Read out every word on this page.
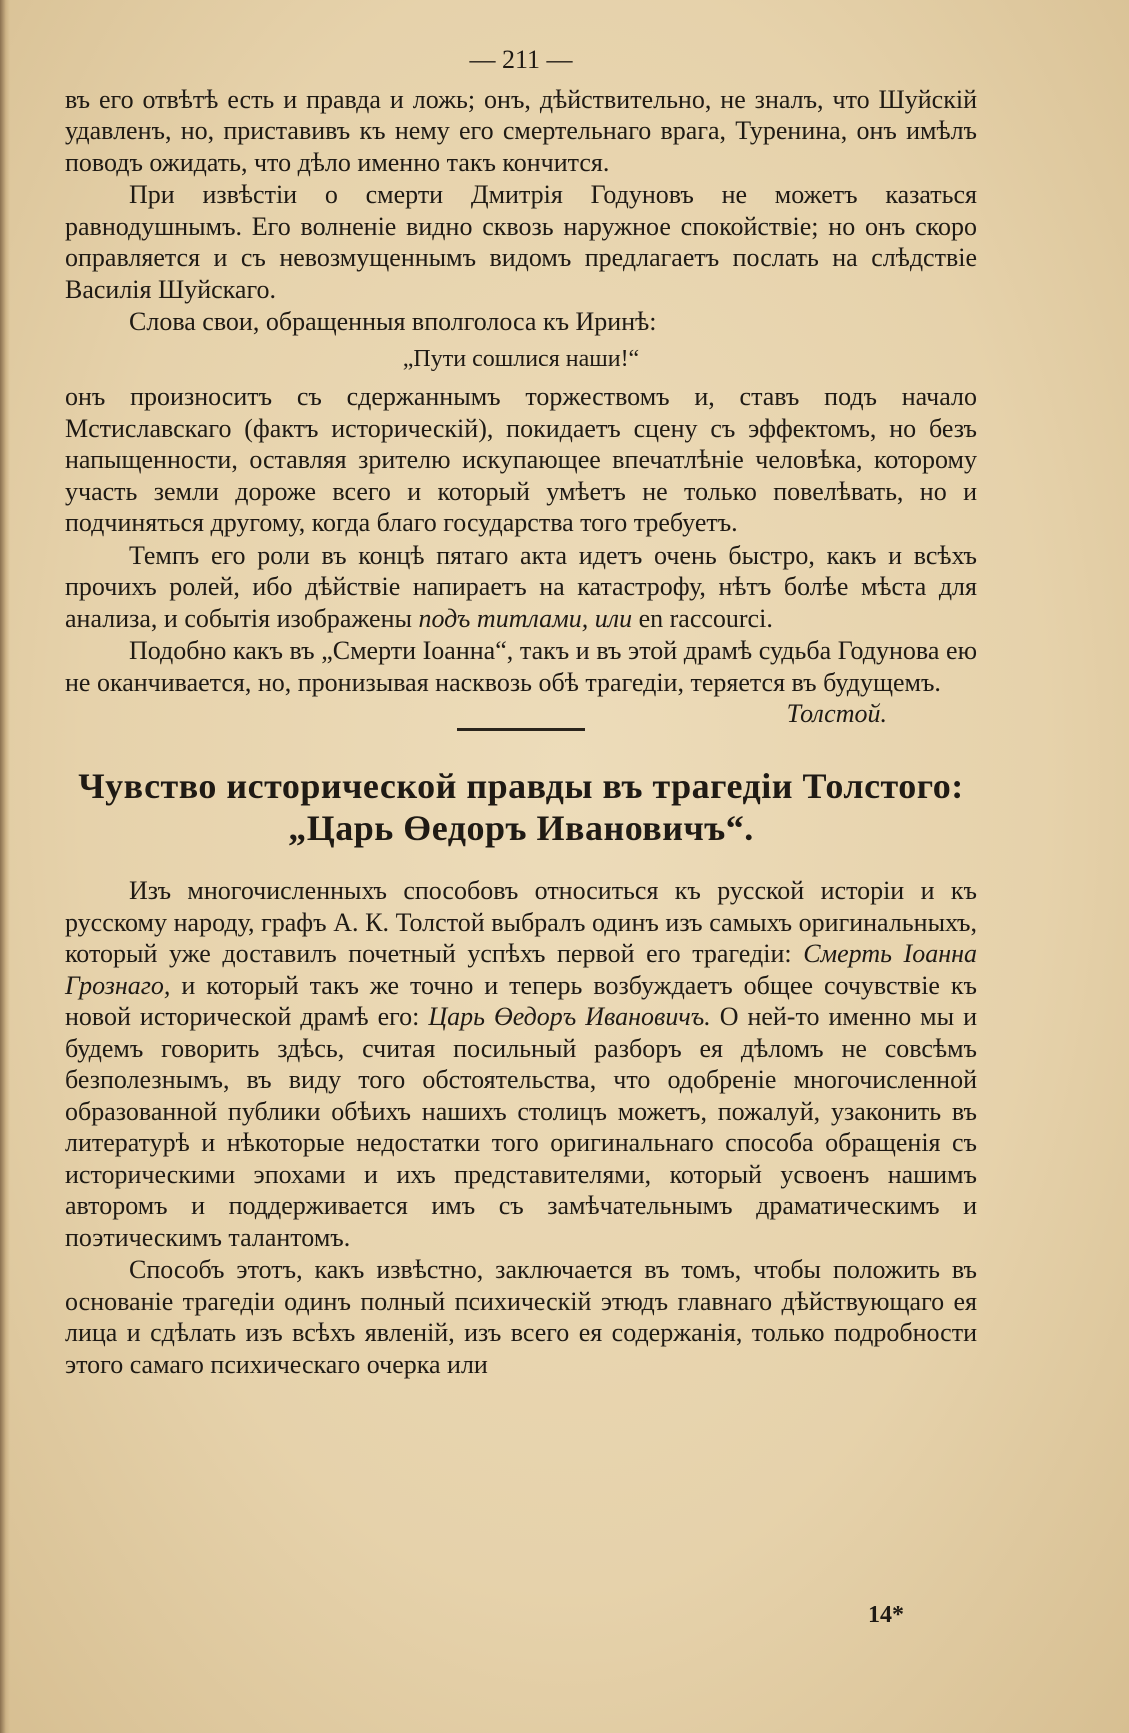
— 211 —

въ его отвѣтѣ есть и правда и ложь; онъ, дѣйствительно, не зналъ, что Шуйскій удавленъ, но, приставивъ къ нему его смертельнаго врага, Туренина, онъ имѣлъ поводъ ожидать, что дѣло именно такъ кончится.

При извѣстіи о смерти Дмитрія Годуновъ не можетъ казаться равнодушнымъ. Его волненіе видно сквозь наружное спокойствіе; но онъ скоро оправляется и съ невозмущеннымъ видомъ предлагаетъ послать на слѣдствіе Василія Шуйскаго.

Слова свои, обращенныя вполголоса къ Иринѣ:

„Пути сошлися наши!“

онъ произноситъ съ сдержаннымъ торжествомъ и, ставъ подъ начало Мстиславскаго (фактъ историческій), покидаетъ сцену съ эффектомъ, но безъ напыщенности, оставляя зрителю искупающее впечатлѣніе человѣка, которому участь земли дороже всего и который умѣетъ не только повелѣвать, но и подчиняться другому, когда благо государства того требуетъ.

Темпъ его роли въ концѣ пятаго акта идетъ очень быстро, какъ и всѣхъ прочихъ ролей, ибо дѣйствіе напираетъ на катастрофу, нѣтъ болѣе мѣста для анализа, и событія изображены подъ титлами, или en raccourci.

Подобно какъ въ „Смерти Іоанна“, такъ и въ этой драмѣ судьба Годунова ею не оканчивается, но, пронизывая насквозь обѣ трагедіи, теряется въ будущемъ.
Толстой.

Чувство исторической правды въ трагедіи Толстого:
„Царь Өедоръ Ивановичъ“.

Изъ многочисленныхъ способовъ относиться къ русской исторіи и къ русскому народу, графъ А. К. Толстой выбралъ одинъ изъ самыхъ оригинальныхъ, который уже доставилъ почетный успѣхъ первой его трагедіи: Смерть Іоанна Грознаго, и который такъ же точно и теперь возбуждаетъ общее сочувствіе къ новой исторической драмѣ его: Царь Өедоръ Ивановичъ. О ней-то именно мы и будемъ говорить здѣсь, считая посильный разборъ ея дѣломъ не совсѣмъ безполезнымъ, въ виду того обстоятельства, что одобреніе многочисленной образованной публики обѣихъ нашихъ столицъ можетъ, пожалуй, узаконить въ литературѣ и нѣкоторые недостатки того оригинальнаго способа обращенія съ историческими эпохами и ихъ представителями, который усвоенъ нашимъ авторомъ и поддерживается имъ съ замѣчательнымъ драматическимъ и поэтическимъ талантомъ.

Способъ этотъ, какъ извѣстно, заключается въ томъ, чтобы положить въ основаніе трагедіи одинъ полный психическій этюдъ главнаго дѣйствующаго ея лица и сдѣлать изъ всѣхъ явленій, изъ всего ея содержанія, только подробности этого самаго психическаго очерка или

14*
